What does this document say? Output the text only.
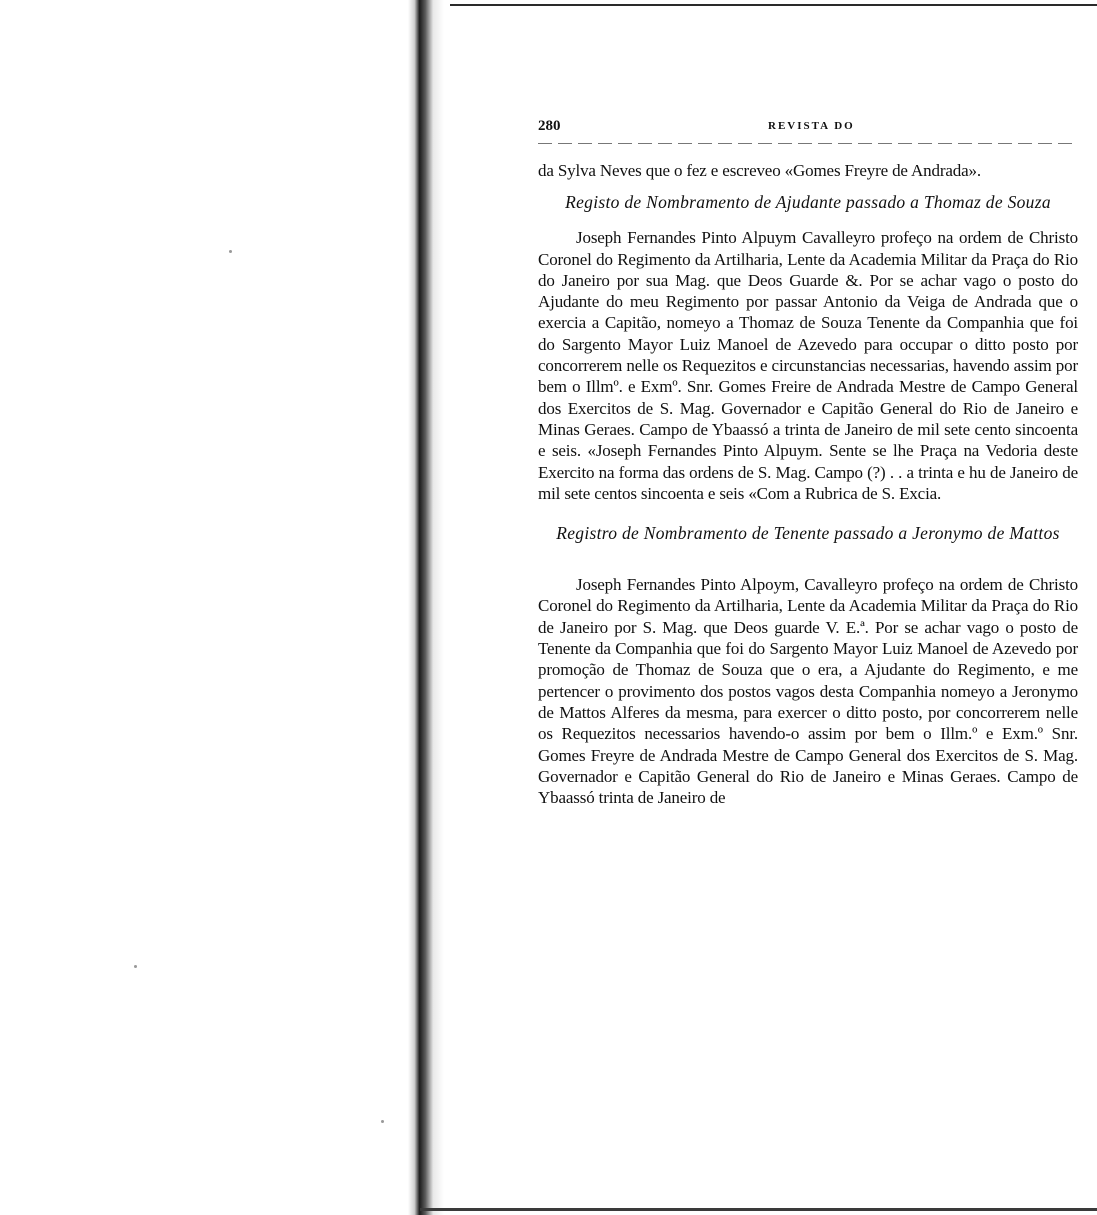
280	REVISTA DO

da Sylva Neves que o fez e escreveo «Gomes Freyre de Andrada».

Registo de Nombramento de Ajudante passado a Thomaz de Souza

Joseph Fernandes Pinto Alpuym Cavalleyro profeço na ordem de Christo Coronel do Regimento da Artilharia, Lente da Academia Militar da Praça do Rio do Janeiro por sua Mag. que Deos Guarde &. Por se achar vago o posto do Ajudante do meu Regimento por passar Antonio da Veiga de Andrada que o exercia a Capitão, nomeyo a Thomaz de Souza Tenente da Companhia que foi do Sargento Mayor Luiz Manoel de Azevedo para occupar o ditto posto por concorrerem nelle os Requezitos e circunstancias necessarias, havendo assim por bem o Illmº. e Exmº. Snr. Gomes Freire de Andrada Mestre de Campo General dos Exercitos de S. Mag. Governador e Capitão General do Rio de Janeiro e Minas Geraes. Campo de Ybaassó a trinta de Janeiro de mil sete cento sincoenta e seis. «Joseph Fernandes Pinto Alpuym. Sente se lhe Praça na Vedoria deste Exercito na forma das ordens de S. Mag. Campo (?) . . a trinta e hu de Janeiro de mil sete centos sincoenta e seis «Com a Rubrica de S. Excia.

Registro de Nombramento de Tenente passado a Jeronymo de Mattos

Joseph Fernandes Pinto Alpoym, Cavalleyro profeço na ordem de Christo Coronel do Regimento da Artilharia, Lente da Academia Militar da Praça do Rio de Janeiro por S. Mag. que Deos guarde V. E.ª. Por se achar vago o posto de Tenente da Companhia que foi do Sargento Mayor Luiz Manoel de Azevedo por promoção de Thomaz de Souza que o era, a Ajudante do Regimento, e me pertencer o provimento dos postos vagos desta Companhia nomeyo a Jeronymo de Mattos Alferes da mesma, para exercer o ditto posto, por concorrerem nelle os Requezitos necessarios havendo-o assim por bem o Illm.º e Exm.º Snr. Gomes Freyre de Andrada Mestre de Campo General dos Exercitos de S. Mag. Governador e Capitão General do Rio de Janeiro e Minas Geraes. Campo de Ybaassó trinta de Janeiro de
